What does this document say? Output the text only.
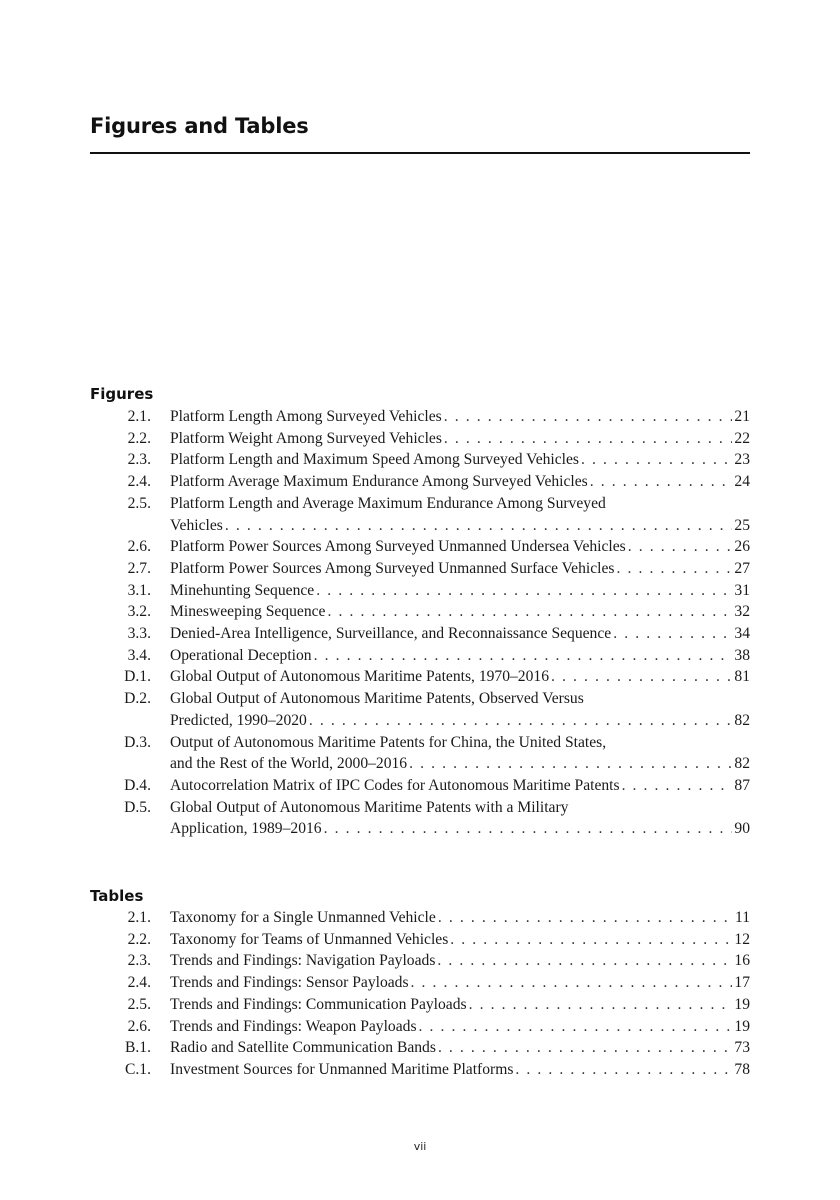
Figures and Tables
Figures
2.1. Platform Length Among Surveyed Vehicles . . .	21
2.2. Platform Weight Among Surveyed Vehicles . . .	22
2.3. Platform Length and Maximum Speed Among Surveyed Vehicles . . .	23
2.4. Platform Average Maximum Endurance Among Surveyed Vehicles . . .	24
2.5. Platform Length and Average Maximum Endurance Among Surveyed
Vehicles . . .	25
2.6. Platform Power Sources Among Surveyed Unmanned Undersea Vehicles . . .	26
2.7. Platform Power Sources Among Surveyed Unmanned Surface Vehicles . . .	27
3.1. Minehunting Sequence . . .	31
3.2. Minesweeping Sequence . . .	32
3.3. Denied-Area Intelligence, Surveillance, and Reconnaissance Sequence . . .	34
3.4. Operational Deception . . .	38
D.1. Global Output of Autonomous Maritime Patents, 1970–2016 . . .	81
D.2. Global Output of Autonomous Maritime Patents, Observed Versus
Predicted, 1990–2020 . . .	82
D.3. Output of Autonomous Maritime Patents for China, the United States,
and the Rest of the World, 2000–2016 . . .	82
D.4. Autocorrelation Matrix of IPC Codes for Autonomous Maritime Patents . . .	87
D.5. Global Output of Autonomous Maritime Patents with a Military
Application, 1989–2016 . . .	90
Tables
2.1. Taxonomy for a Single Unmanned Vehicle . . .	11
2.2. Taxonomy for Teams of Unmanned Vehicles . . .	12
2.3. Trends and Findings: Navigation Payloads . . .	16
2.4. Trends and Findings: Sensor Payloads . . .	17
2.5. Trends and Findings: Communication Payloads . . .	19
2.6. Trends and Findings: Weapon Payloads . . .	19
B.1. Radio and Satellite Communication Bands . . .	73
C.1. Investment Sources for Unmanned Maritime Platforms . . .	78
vii
